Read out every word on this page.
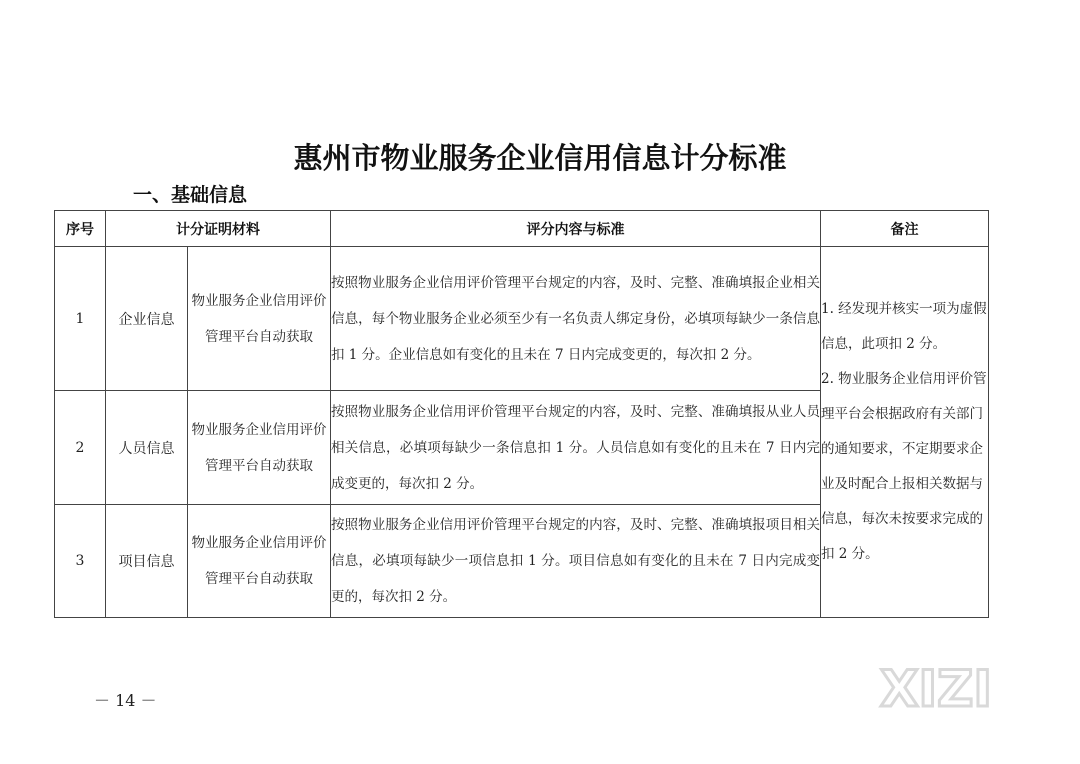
惠州市物业服务企业信用信息计分标准
一、基础信息
序号	计分证明材料		评分内容与标准	备注
1	企业信息	物业服务企业信用评价管理平台自动获取	按照物业服务企业信用评价管理平台规定的内容，及时、完整、准确填报企业相关信息，每个物业服务企业必须至少有一名负责人绑定身份，必填项每缺少一条信息扣 1 分。企业信息如有变化的且未在 7 日内完成变更的，每次扣 2 分。	1. 经发现并核实一项为虚假信息，此项扣 2 分。
2. 物业服务企业信用评价管理平台会根据政府有关部门的通知要求，不定期要求企业及时配合上报相关数据与信息，每次未按要求完成的扣 2 分。
2	人员信息	物业服务企业信用评价管理平台自动获取	按照物业服务企业信用评价管理平台规定的内容，及时、完整、准确填报从业人员相关信息，必填项每缺少一条信息扣 1 分。人员信息如有变化的且未在 7 日内完成变更的，每次扣 2 分。	
3	项目信息	物业服务企业信用评价管理平台自动获取	按照物业服务企业信用评价管理平台规定的内容，及时、完整、准确填报项目相关信息，必填项每缺少一项信息扣 1 分。项目信息如有变化的且未在 7 日内完成变更的，每次扣 2 分。	
－ 14 －	XIZI
